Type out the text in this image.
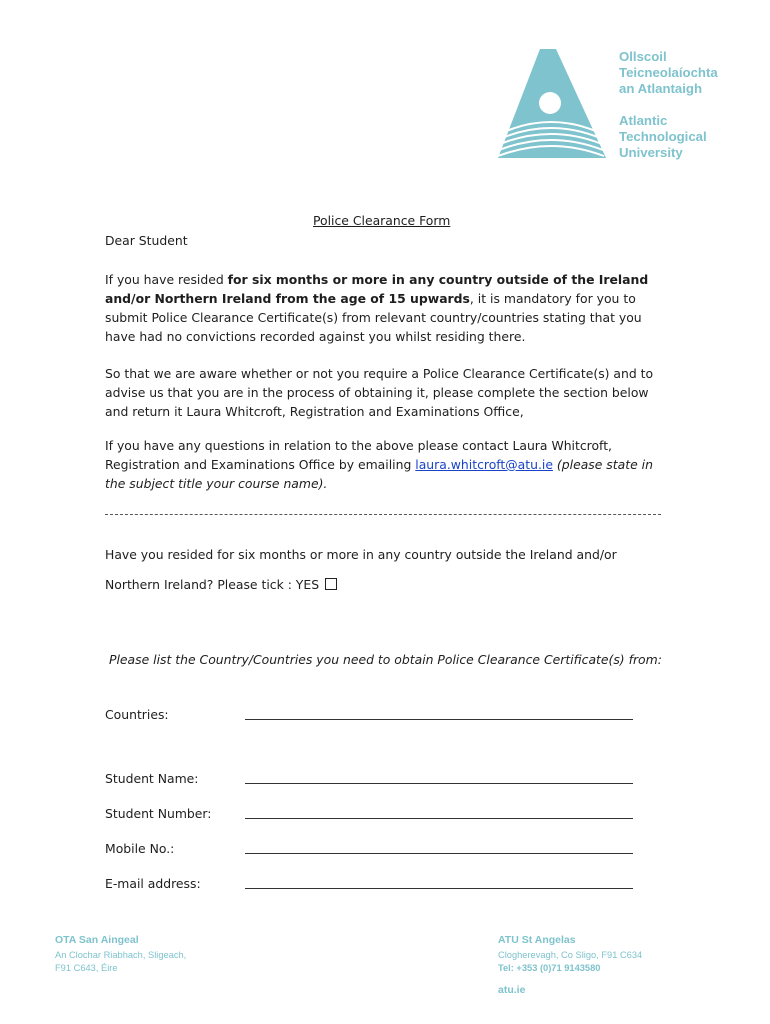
Ollscoil
Teicneolaíochta
an Atlantaigh
Atlantic
Technological
University
Police Clearance Form
Dear Student
If you have resided for six months or more in any country outside of the Ireland and/or Northern Ireland from the age of 15 upwards, it is mandatory for you to submit Police Clearance Certificate(s) from relevant country/countries stating that you have had no convictions recorded against you whilst residing there.
So that we are aware whether or not you require a Police Clearance Certificate(s) and to advise us that you are in the process of obtaining it, please complete the section below and return it Laura Whitcroft, Registration and Examinations Office,
If you have any questions in relation to the above please contact Laura Whitcroft, Registration and Examinations Office by emailing laura.whitcroft@atu.ie (please state in the subject title your course name).
Have you resided for six months or more in any country outside the Ireland and/or
Northern Ireland? Please tick : YES
Please list the Country/Countries you need to obtain Police Clearance Certificate(s) from:
Countries:
Student Name:
Student Number:
Mobile No.:
E-mail address:
OTA San Aingeal
An Clochar Riabhach, Sligeach,
F91 C643, Éire
ATU St Angelas
Clogherevagh, Co Sligo, F91 C634
Tel: +353 (0)71 9143580
atu.ie
